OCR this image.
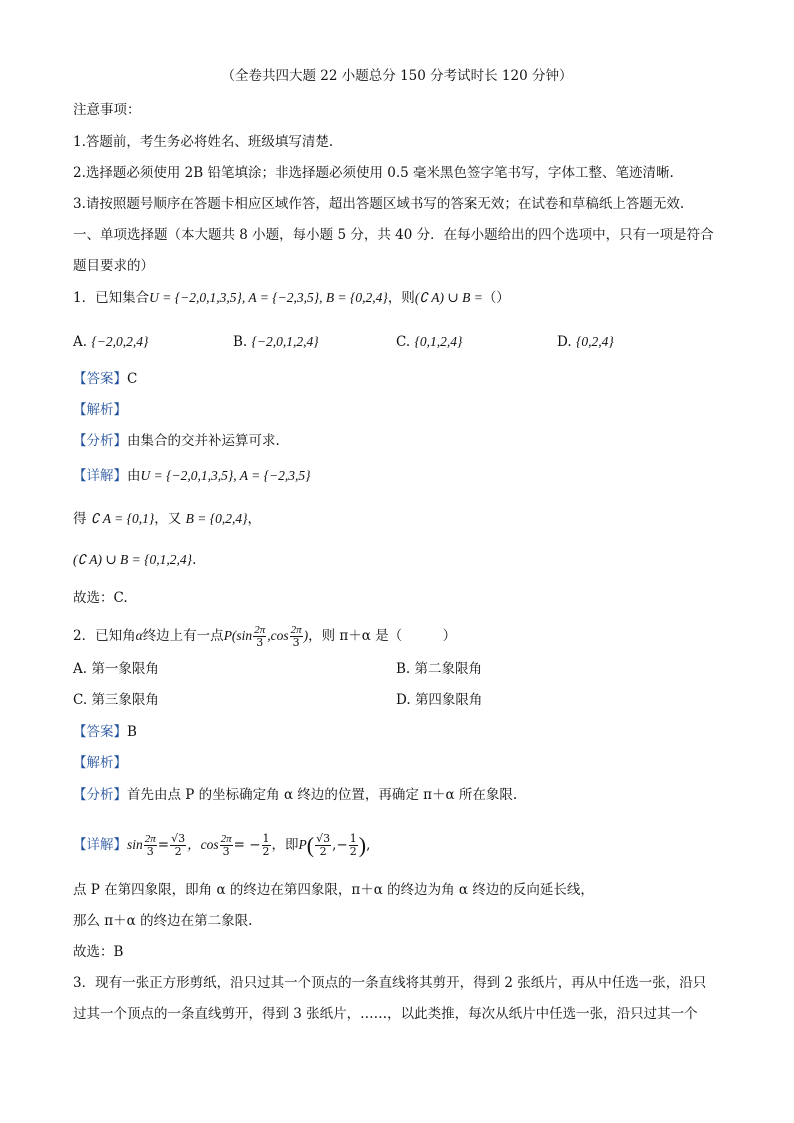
（全卷共四大题 22 小题总分 150 分考试时长 120 分钟）
注意事项：
1.答题前，考生务必将姓名、班级填写清楚.
2.选择题必须使用 2B 铅笔填涂；非选择题必须使用 0.5 毫米黑色签字笔书写，字体工整、笔迹清晰.
3.请按照题号顺序在答题卡相应区域作答，超出答题区域书写的答案无效；在试卷和草稿纸上答题无效.
一、单项选择题（本大题共 8 小题，每小题 5 分，共 40 分．在每小题给出的四个选项中，只有一项是符合
题目要求的）
1．已知集合U = {−2,0,1,3,5}, A = {−2,3,5}, B = {0,2,4}，则(∁ A) ∪ B =（）
A. {−2,0,2,4}	B. {−2,0,1,2,4}	C. {0,1,2,4}	D. {0,2,4}
【答案】C
【解析】
【分析】由集合的交并补运算可求.
【详解】由U = {−2,0,1,3,5}, A = {−2,3,5}
得 ∁ A = {0,1}，又 B = {0,2,4}，
(∁ A) ∪ B = {0,1,2,4}.
故选：C.
2．已知角α终边上有一点$P(\sin \frac{2\pi}{3} ,\cos \frac{2\pi}{3}$ )，则 π＋α 是（　　　）
A. 第一象限角	B. 第二象限角
C. 第三象限角	D. 第四象限角
【答案】B
【解析】
【分析】首先由点 P 的坐标确定角 α 终边的位置，再确定 π＋α 所在象限.
【详解】$\sin \frac{2\pi}{3} = \frac{√3}{2}$ ，$\cos \frac{2\pi}{3}$ = − $\frac{1}{2}$ ，即$P( \frac{√3}{2}$ ,− $\frac{1}{2}$ ),
点 P 在第四象限，即角 α 的终边在第四象限，π＋α 的终边为角 α 终边的反向延长线，
那么 π＋α 的终边在第二象限.
故选：B
3．现有一张正方形剪纸，沿只过其一个顶点的一条直线将其剪开，得到 2 张纸片，再从中任选一张，沿只
过其一个顶点的一条直线剪开，得到 3 张纸片，……，以此类推，每次从纸片中任选一张，沿只过其一个
